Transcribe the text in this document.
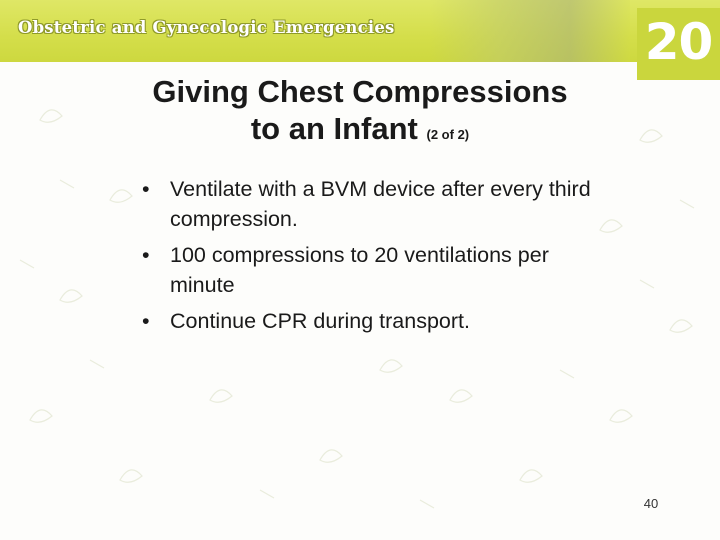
Obstetric and Gynecologic Emergencies	20
Giving Chest Compressions
to an Infant (2 of 2)
• Ventilate with a BVM device after every third compression.
• 100 compressions to 20 ventilations per minute
• Continue CPR during transport.
40
